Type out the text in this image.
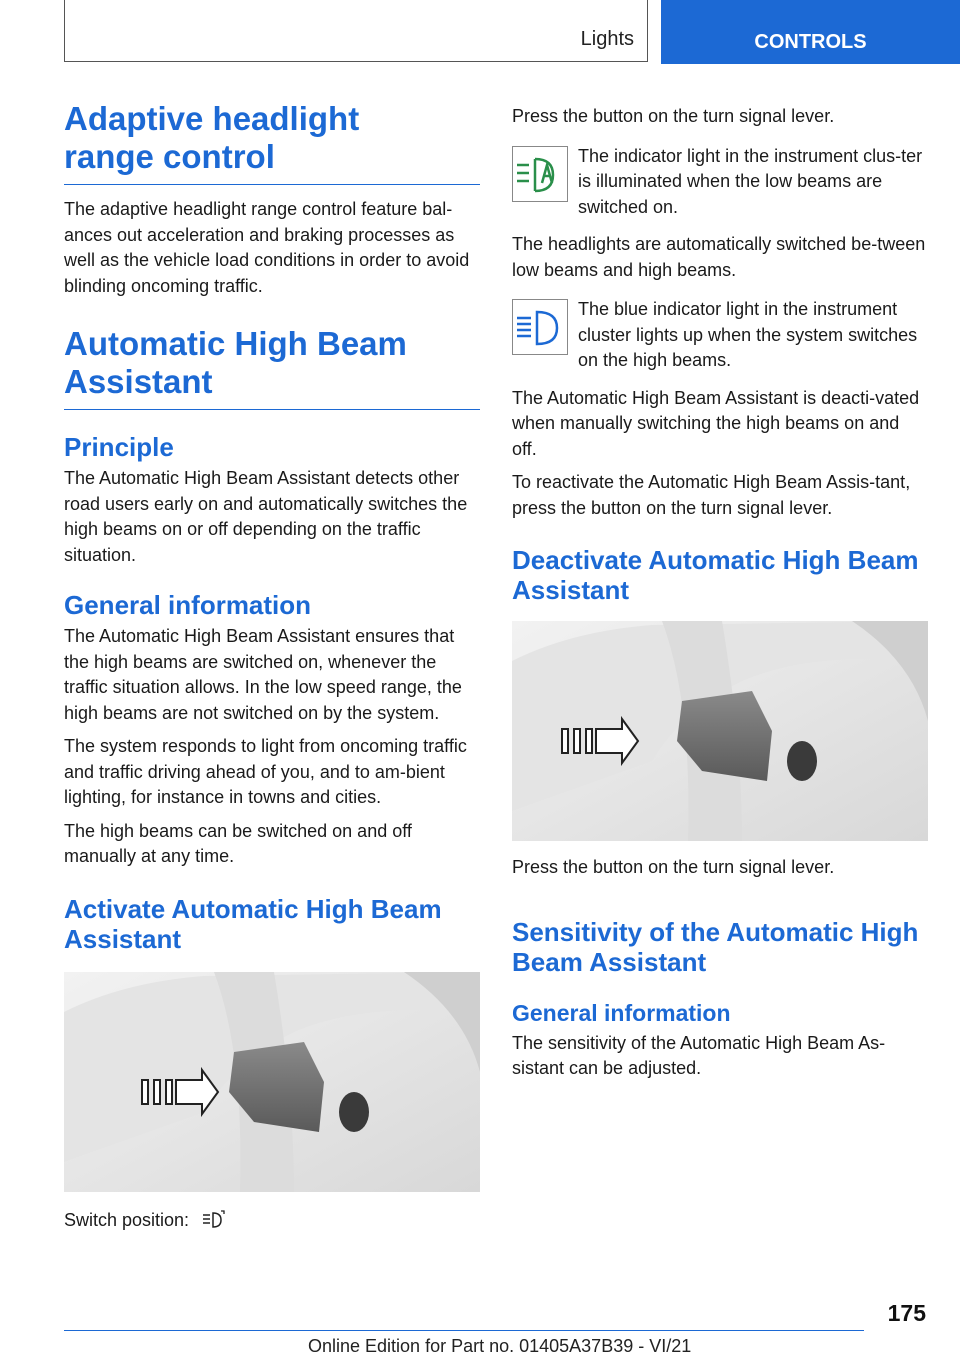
Lights	CONTROLS
Adaptive headlight range control

The adaptive headlight range control feature bal-ances out acceleration and braking processes as well as the vehicle load conditions in order to avoid blinding oncoming traffic.

Automatic High Beam Assistant
Principle

The Automatic High Beam Assistant detects other road users early on and automatically switches the high beams on or off depending on the traffic situation.

General information

The Automatic High Beam Assistant ensures that the high beams are switched on, whenever the traffic situation allows. In the low speed range, the high beams are not switched on by the system.

The system responds to light from oncoming traffic and traffic driving ahead of you, and to am-bient lighting, for instance in towns and cities.

The high beams can be switched on and off manually at any time.

Activate Automatic High Beam Assistant

Switch position:

Press the button on the turn signal lever.

The indicator light in the instrument clus-ter is illuminated when the low beams are switched on.

The headlights are automatically switched be-tween low beams and high beams.

The blue indicator light in the instrument cluster lights up when the system switches on the high beams.

The Automatic High Beam Assistant is deacti-vated when manually switching the high beams on and off.

To reactivate the Automatic High Beam Assis-tant, press the button on the turn signal lever.

Deactivate Automatic High Beam Assistant

Press the button on the turn signal lever.

Sensitivity of the Automatic High Beam Assistant
General information

The sensitivity of the Automatic High Beam As-sistant can be adjusted.

175
Online Edition for Part no. 01405A37B39 - VI/21
